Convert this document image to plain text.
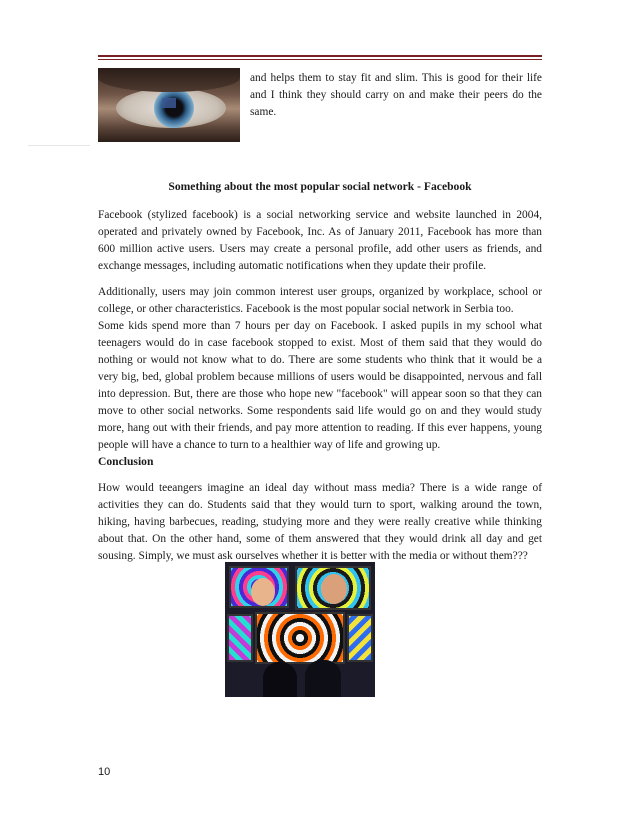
and helps them to stay fit and slim. This is good for their life and I think they should carry on and make their peers do the same.

Something about the most popular social network - Facebook

Facebook (stylized facebook) is a social networking service and website launched in 2004, operated and privately owned by Facebook, Inc. As of January 2011, Facebook has more than 600 million active users. Users may create a personal profile, add other users as friends, and exchange messages, including automatic notifications when they update their profile.

Additionally, users may join common interest user groups, organized by workplace, school or college, or other characteristics. Facebook is the most popular social network in Serbia too.

Some kids spend more than 7 hours per day on Facebook. I asked pupils in my school what teenagers would do in case facebook stopped to exist. Most of them said that they would do nothing or would not know what to do. There are some students who think that it would be a very big, bed, global problem because millions of users would be disappointed, nervous and fall into depression. But, there are those who hope new "facebook" will appear soon so that they can move to other social networks. Some respondents said life would go on and they would study more, hang out with their friends, and pay more attention to reading. If this ever happens, young people will have a chance to turn to a healthier way of life and growing up.

Conclusion

How would teeangers imagine an ideal day without mass media? There is a wide range of activities they can do. Students said that they would turn to sport, walking around the town, hiking, having barbecues, reading, studying more and they were really creative while thinking about that. On the other hand, some of them answered that they would drink all day and get sousing. Simply, we must ask ourselves whether it is better with the media or without them???

10
